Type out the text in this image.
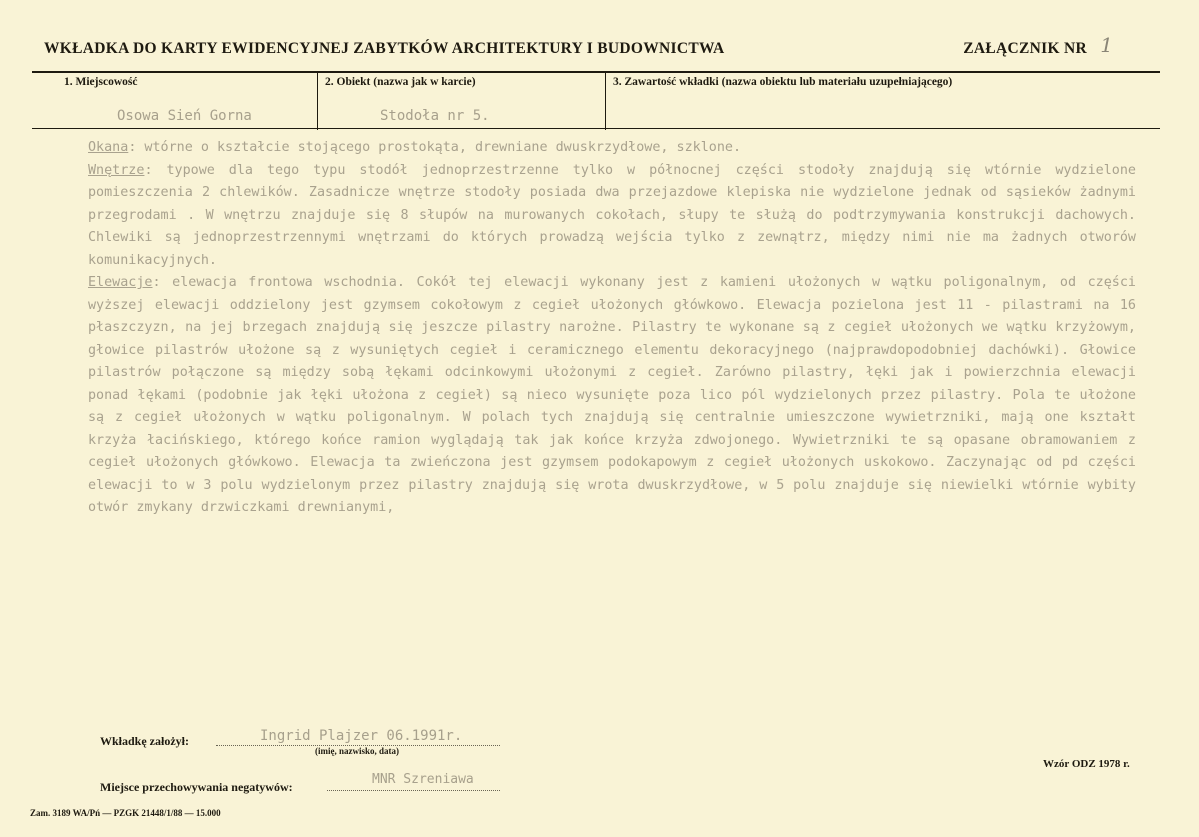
WKŁADKA DO KARTY EWIDENCYJNEJ ZABYTKÓW ARCHITEKTURY I BUDOWNICTWA	ZAŁĄCZNIK NR 1
1. Miejscowość	2. Obiekt (nazwa jak w karcie)	3. Zawartość wkładki (nazwa obiektu lub materiału uzupełniającego)
Osowa Sień Gorna	Stodoła nr 5.

Okana: wtórne o kształcie stojącego prostokąta, drewniane dwuskrzydłowe, szklone.

Wnętrze: typowe dla tego typu stodół jednoprzestrzenne tylko w północnej części stodoły znajdują się wtórnie wydzielone pomieszczenia 2 chlewików. Zasadnicze wnętrze stodoły posiada dwa przejazdowe klepiska nie wydzielone jednak od sąsieków żadnymi przegrodami . W wnętrzu znajduje się 8 słupów na murowanych cokołach, słupy te służą do podtrzymywania konstrukcji dachowych. Chlewiki są jednoprzestrzennymi wnętrzami do których prowadzą wejścia tylko z zewnątrz, między nimi nie ma żadnych otworów komunikacyjnych.

Elewacje: elewacja frontowa wschodnia. Cokół tej elewacji wykonany jest z kamieni ułożonych w wątku poligonalnym, od części wyższej elewacji oddzielony jest gzymsem cokołowym z cegieł ułożonych główkowo. Elewacja pozielona jest 11 - pilastrami na 16 płaszczyzn, na jej brzegach znajdują się jeszcze pilastry narożne. Pilastry te wykonane są z cegieł ułożonych we wątku krzyżowym, głowice pilastrów ułożone są z wysuniętych cegieł i ceramicznego elementu dekoracyjnego (najprawdopodobniej dachówki). Głowice pilastrów połączone są między sobą łękami odcinkowymi ułożonymi z cegieł. Zarówno pilastry, łęki jak i powierzchnia elewacji ponad łękami (podobnie jak łęki ułożona z cegieł) są nieco wysunięte poza lico pól wydzielonych przez pilastry. Pola te ułożone są z cegieł ułożonych w wątku poligonalnym. W polach tych znajdują się centralnie umieszczone wywietrzniki, mają one kształt krzyża łacińskiego, którego końce ramion wyglądają tak jak końce krzyża zdwojonego. Wywietrzniki te są opasane obramowaniem z cegieł ułożonych główkowo. Elewacja ta zwieńczona jest gzymsem podokapowym z cegieł ułożonych uskokowo. Zaczynając od pd części elewacji to w 3 polu wydzielonym przez pilastry znajdują się wrota dwuskrzydłowe, w 5 polu znajduje się niewielki wtórnie wybity otwór zmykany drzwiczkami drewnianymi,

Wkładkę założył:	Ingrid Plajzer 06.1991r.
(imię, nazwisko, data)
Miejsce przechowywania negatywów:	MNR Szreniawa
Wzór ODZ 1978 r.
Zam. 3189 WA/Pń — PZGK 21448/1/88 — 15.000
